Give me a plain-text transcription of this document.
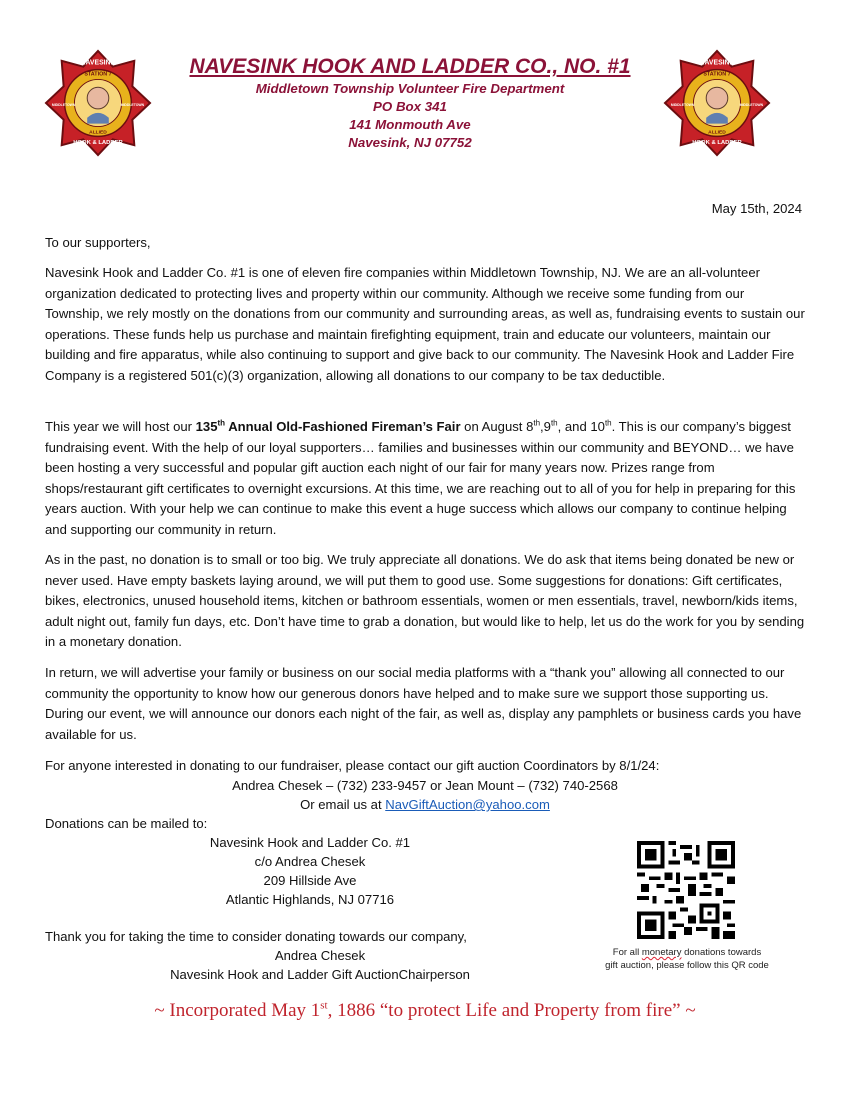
NAVESINK
STATION 7
ALLIED
HOOK & LADDER
MIDDLETOWN	MIDDLETOWN
NAVESINK
STATION 7
ALLIED
HOOK & LADDER
MIDDLETOWN	MIDDLETOWN
NAVESINK HOOK AND LADDER CO., NO. #1
Middletown Township Volunteer Fire Department
PO Box 341
141 Monmouth Ave
Navesink, NJ 07752
May 15th, 2024
To our supporters,
Navesink Hook and Ladder Co. #1 is one of eleven fire companies within Middletown Township, NJ. We are an all-volunteer organization dedicated to protecting lives and property within our community. Although we receive some funding from our Township, we rely mostly on the donations from our community and surrounding areas, as well as, fundraising events to sustain our operations. These funds help us purchase and maintain firefighting equipment, train and educate our volunteers, maintain our building and fire apparatus, while also continuing to support and give back to our community. The Navesink Hook and Ladder Fire Company is a registered 501(c)(3) organization, allowing all donations to our company to be tax deductible.
This year we will host our 135th Annual Old-Fashioned Fireman’s Fair on August 8th,9th, and 10th. This is our company’s biggest fundraising event. With the help of our loyal supporters… families and businesses within our community and BEYOND… we have been hosting a very successful and popular gift auction each night of our fair for many years now. Prizes range from shops/restaurant gift certificates to overnight excursions. At this time, we are reaching out to all of you for help in preparing for this years auction. With your help we can continue to make this event a huge success which allows our company to continue helping and supporting our community in return.
As in the past, no donation is to small or too big. We truly appreciate all donations. We do ask that items being donated be new or never used. Have empty baskets laying around, we will put them to good use. Some suggestions for donations: Gift certificates, bikes, electronics, unused household items, kitchen or bathroom essentials, women or men essentials, travel, newborn/kids items, adult night out, family fun days, etc. Don’t have time to grab a donation, but would like to help, let us do the work for you by sending in a monetary donation.
In return, we will advertise your family or business on our social media platforms with a “thank you” allowing all connected to our community the opportunity to know how our generous donors have helped and to make sure we support those supporting us. During our event, we will announce our donors each night of the fair, as well as, display any pamphlets or business cards you have available for us.
For anyone interested in donating to our fundraiser, please contact our gift auction Coordinators by 8/1/24:
Andrea Chesek – (732) 233-9457 or Jean Mount – (732) 740-2568
Or email us at NavGiftAuction@yahoo.com
Donations can be mailed to:
Navesink Hook and Ladder Co. #1
c/o Andrea Chesek
209 Hillside Ave
Atlantic Highlands, NJ 07716
Thank you for taking the time to consider donating towards our company,
Andrea Chesek
Navesink Hook and Ladder Gift AuctionChairperson
For all monetary donations towards
gift auction, please follow this QR code
~ Incorporated May 1st, 1886 “to protect Life and Property from fire” ~
